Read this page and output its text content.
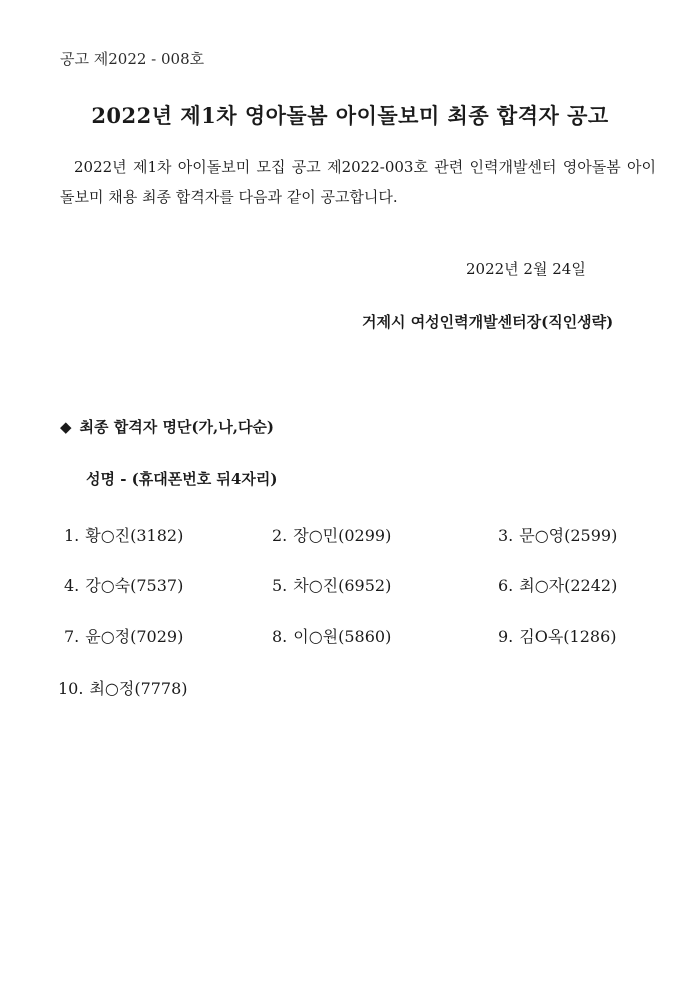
공고 제2022 - 008호
2022년 제1차 영아돌봄 아이돌보미 최종 합격자 공고
2022년 제1차 아이돌보미 모집 공고 제2022-003호 관련 인력개발센터 영아돌봄 아이돌보미 채용 최종 합격자를 다음과 같이 공고합니다.
2022년 2월 24일
거제시 여성인력개발센터장(직인생략)
◆ 최종 합격자 명단(가,나,다순)
성명 - (휴대폰번호 뒤4자리)
1. 황○진(3182)	2. 장○민(0299)	3. 문○영(2599)
4. 강○숙(7537)	5. 차○진(6952)	6. 최○자(2242)
7. 윤○정(7029)	8. 이○원(5860)	9. 김O옥(1286)
10. 최○정(7778)
